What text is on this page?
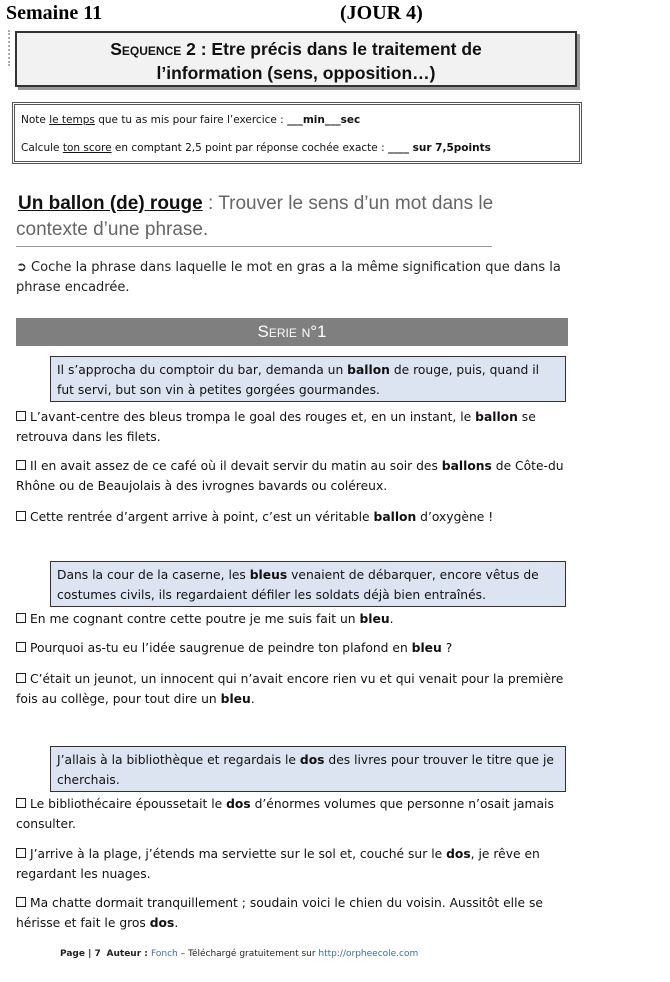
Semaine 11	(JOUR 4)
Sequence 2 : Etre précis dans le traitement de
l’information (sens, opposition…)
Note le temps que tu as mis pour faire l’exercice : ___min___sec
Calcule ton score en comptant 2,5 point par réponse cochée exacte : ____ sur 7,5points
Un ballon (de) rouge : Trouver le sens d’un mot dans le
contexte d’une phrase.
➲ Coche la phrase dans laquelle le mot en gras a la même signification que dans la phrase encadrée.
Serie n°1
Il s’approcha du comptoir du bar, demanda un ballon de rouge, puis, quand il fut servi, but son vin à petites gorgées gourmandes.
L’avant-centre des bleus trompa le goal des rouges et, en un instant, le ballon se retrouva dans les filets.
Il en avait assez de ce café où il devait servir du matin au soir des ballons de Côte-du Rhône ou de Beaujolais à des ivrognes bavards ou coléreux.
Cette rentrée d’argent arrive à point, c’est un véritable ballon d’oxygène !
Dans la cour de la caserne, les bleus venaient de débarquer, encore vêtus de costumes civils, ils regardaient défiler les soldats déjà bien entraînés.
En me cognant contre cette poutre je me suis fait un bleu.
Pourquoi as-tu eu l’idée saugrenue de peindre ton plafond en bleu ?
C’était un jeunot, un innocent qui n’avait encore rien vu et qui venait pour la première fois au collège, pour tout dire un bleu.
J’allais à la bibliothèque et regardais le dos des livres pour trouver le titre que je cherchais.
Le bibliothécaire époussetait le dos d’énormes volumes que personne n’osait jamais consulter.
J’arrive à la plage, j’étends ma serviette sur le sol et, couché sur le dos, je rêve en regardant les nuages.
Ma chatte dormait tranquillement ; soudain voici le chien du voisin. Aussitôt elle se hérisse et fait le gros dos.
Page | 7 Auteur : Fonch – Téléchargé gratuitement sur http://orpheecole.com
